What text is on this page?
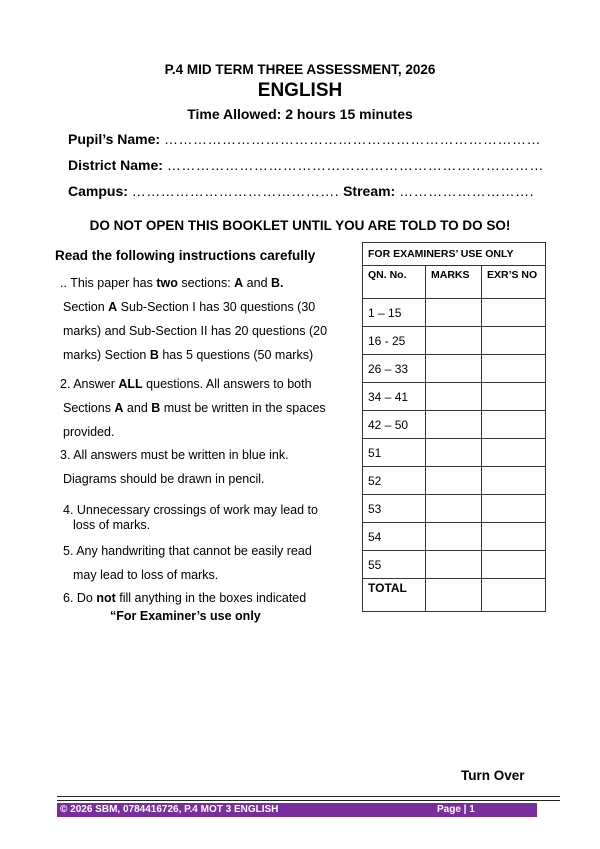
P.4 MID TERM THREE ASSESSMENT, 2026
ENGLISH
Time Allowed: 2 hours 15 minutes
Pupil’s Name: ……………………………………………………………………
District Name: ……………………………………………………………………
Campus: ……………………………………. Stream: ……………………….
DO NOT OPEN THIS BOOKLET UNTIL YOU ARE TOLD TO DO SO!
Read the following instructions carefully
.. This paper has two sections: A and B.
Section A Sub-Section I has 30 questions (30
marks) and Sub-Section II has 20 questions (20
marks) Section B has 5 questions (50 marks)
2. Answer ALL questions. All answers to both
Sections A and B must be written in the spaces
provided.
3. All answers must be written in blue ink.
Diagrams should be drawn in pencil.
4. Unnecessary crossings of work may lead to
loss of marks.
5. Any handwriting that cannot be easily read
may lead to loss of marks.
6. Do not fill anything in the boxes indicated
“For Examiner’s use only
FOR EXAMINERS’ USE ONLY		
QN. No.	MARKS	EXR’S NO
1 – 15		
16 - 25		
26 – 33		
34 – 41		
42 – 50		
51		
52		
53		
54		
55		
TOTAL		
Turn Over
© 2026 SBM, 0784416726, P.4 MOT 3 ENGLISH	Page | 1
